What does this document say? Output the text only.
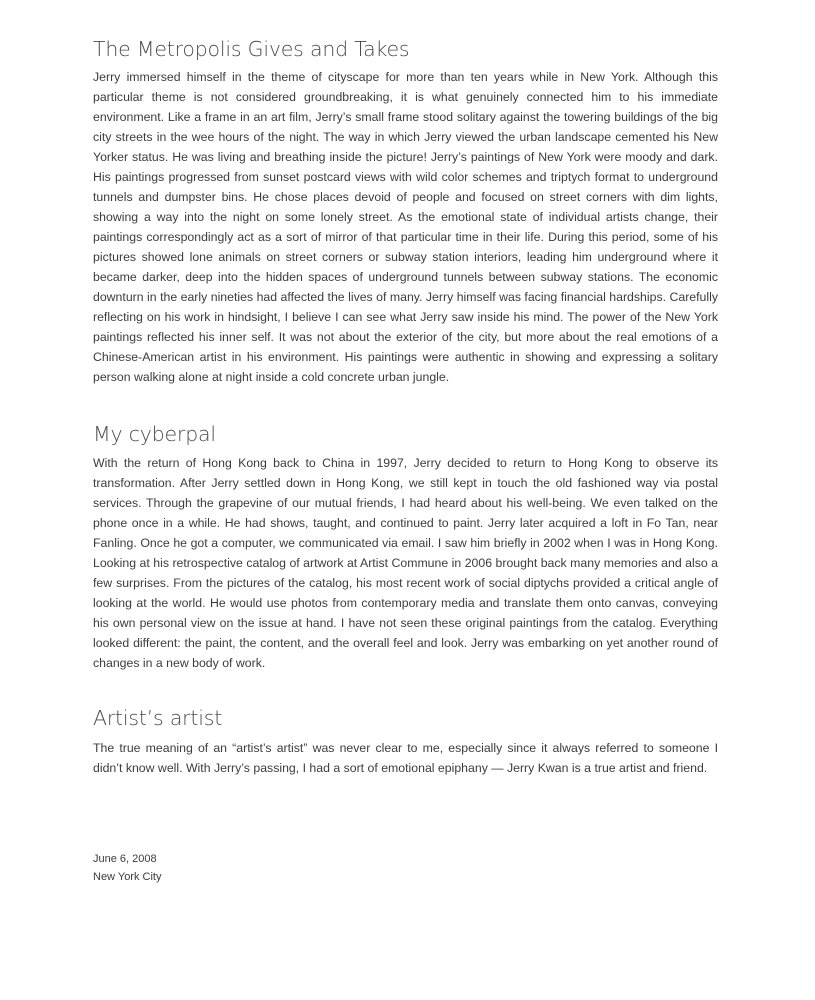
The Metropolis Gives and Takes

Jerry immersed himself in the theme of cityscape for more than ten years while in New York. Although this particular theme is not considered groundbreaking, it is what genuinely connected him to his immediate environment. Like a frame in an art film, Jerry’s small frame stood solitary against the towering buildings of the big city streets in the wee hours of the night. The way in which Jerry viewed the urban landscape cemented his New Yorker status. He was living and breathing inside the picture! Jerry’s paintings of New York were moody and dark. His paintings progressed from sunset postcard views with wild color schemes and triptych format to underground tunnels and dumpster bins. He chose places devoid of people and focused on street corners with dim lights, showing a way into the night on some lonely street. As the emotional state of individual artists change, their paintings correspondingly act as a sort of mirror of that particular time in their life. During this period, some of his pictures showed lone animals on street corners or subway station interiors, leading him underground where it became darker, deep into the hidden spaces of underground tunnels between subway stations. The economic downturn in the early nineties had affected the lives of many. Jerry himself was facing financial hardships. Carefully reflecting on his work in hindsight, I believe I can see what Jerry saw inside his mind. The power of the New York paintings reflected his inner self. It was not about the exterior of the city, but more about the real emotions of a Chinese-American artist in his environment. His paintings were authentic in showing and expressing a solitary person walking alone at night inside a cold concrete urban jungle.

My cyberpal

With the return of Hong Kong back to China in 1997, Jerry decided to return to Hong Kong to observe its transformation. After Jerry settled down in Hong Kong, we still kept in touch the old fashioned way via postal services. Through the grapevine of our mutual friends, I had heard about his well-being. We even talked on the phone once in a while. He had shows, taught, and continued to paint. Jerry later acquired a loft in Fo Tan, near Fanling. Once he got a computer, we communicated via email. I saw him briefly in 2002 when I was in Hong Kong. Looking at his retrospective catalog of artwork at Artist Commune in 2006 brought back many memories and also a few surprises. From the pictures of the catalog, his most recent work of social diptychs provided a critical angle of looking at the world. He would use photos from contemporary media and translate them onto canvas, conveying his own personal view on the issue at hand. I have not seen these original paintings from the catalog. Everything looked different: the paint, the content, and the overall feel and look. Jerry was embarking on yet another round of changes in a new body of work.

Artist’s artist

The true meaning of an “artist’s artist” was never clear to me, especially since it always referred to someone I didn’t know well. With Jerry’s passing, I had a sort of emotional epiphany — Jerry Kwan is a true artist and friend.

June 6, 2008
New York City
